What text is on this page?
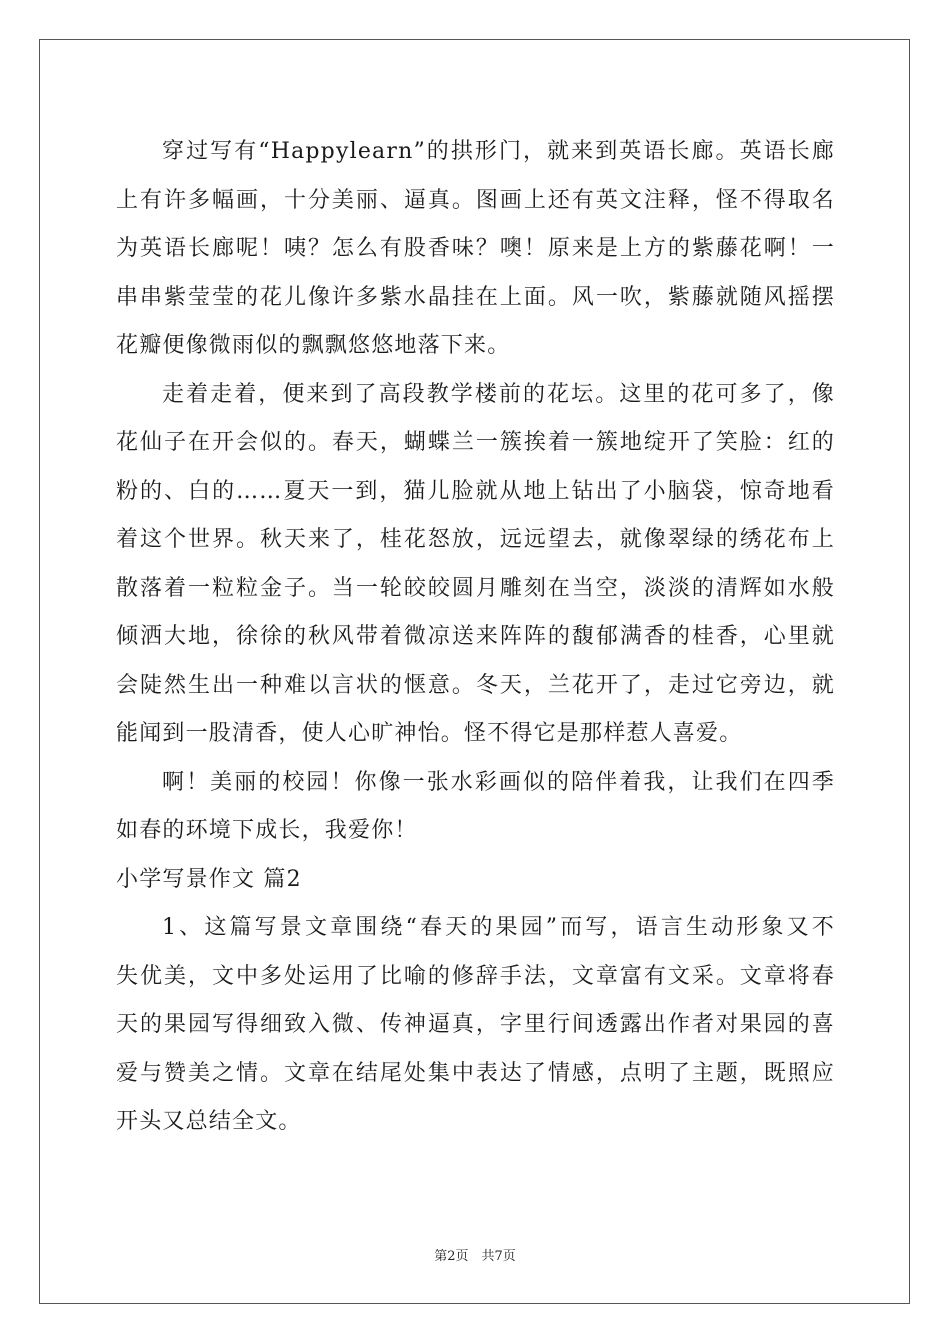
穿过写有“Happylearn”的拱形门，就来到英语长廊。英语长廊
上有许多幅画，十分美丽、逼真。图画上还有英文注释，怪不得取名
为英语长廊呢！咦？怎么有股香味？噢！原来是上方的紫藤花啊！一
串串紫莹莹的花儿像许多紫水晶挂在上面。风一吹，紫藤就随风摇摆
花瓣便像微雨似的飘飘悠悠地落下来。
走着走着，便来到了高段教学楼前的花坛。这里的花可多了，像
花仙子在开会似的。春天，蝴蝶兰一簇挨着一簇地绽开了笑脸：红的
粉的、白的……夏天一到，猫儿脸就从地上钻出了小脑袋，惊奇地看
着这个世界。秋天来了，桂花怒放，远远望去，就像翠绿的绣花布上
散落着一粒粒金子。当一轮皎皎圆月雕刻在当空，淡淡的清辉如水般
倾洒大地，徐徐的秋风带着微凉送来阵阵的馥郁满香的桂香，心里就
会陡然生出一种难以言状的惬意。冬天，兰花开了，走过它旁边，就
能闻到一股清香，使人心旷神怡。怪不得它是那样惹人喜爱。
啊！美丽的校园！你像一张水彩画似的陪伴着我，让我们在四季
如春的环境下成长，我爱你！
小学写景作文 篇2
1、这篇写景文章围绕“春天的果园”而写，语言生动形象又不
失优美，文中多处运用了比喻的修辞手法，文章富有文采。文章将春
天的果园写得细致入微、传神逼真，字里行间透露出作者对果园的喜
爱与赞美之情。文章在结尾处集中表达了情感，点明了主题，既照应
开头又总结全文。
第2页　共7页
